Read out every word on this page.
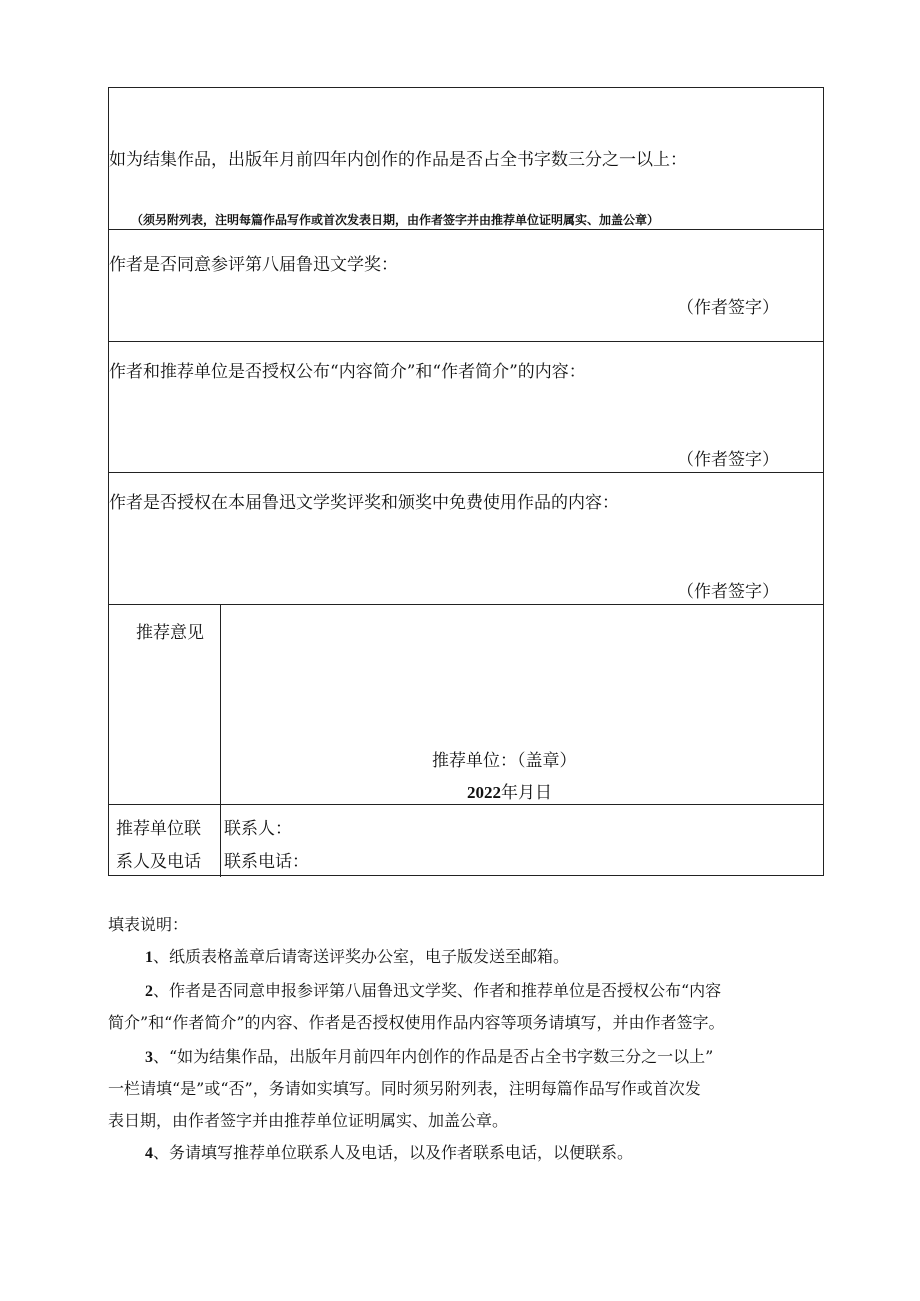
如为结集作品，出版年月前四年内创作的作品是否占全书字数三分之一以上：
（须另附列表，注明每篇作品写作或首次发表日期，由作者签字并由推荐单位证明属实、加盖公章）
作者是否同意参评第八届鲁迅文学奖：
（作者签字）
作者和推荐单位是否授权公布“内容简介”和“作者简介”的内容：
（作者签字）
作者是否授权在本届鲁迅文学奖评奖和颁奖中免费使用作品的内容：
（作者签字）
推荐意见
推荐单位：（盖章）
2022年月日
推荐单位联
系人及电话
联系人：
联系电话：

填表说明：

1、纸质表格盖章后请寄送评奖办公室，电子版发送至邮箱。

2、作者是否同意申报参评第八届鲁迅文学奖、作者和推荐单位是否授权公布“内容

简介”和“作者简介”的内容、作者是否授权使用作品内容等项务请填写，并由作者签字。

3、“如为结集作品，出版年月前四年内创作的作品是否占全书字数三分之一以上”

一栏请填“是”或“否”，务请如实填写。同时须另附列表，注明每篇作品写作或首次发

表日期，由作者签字并由推荐单位证明属实、加盖公章。

4、务请填写推荐单位联系人及电话，以及作者联系电话，以便联系。
